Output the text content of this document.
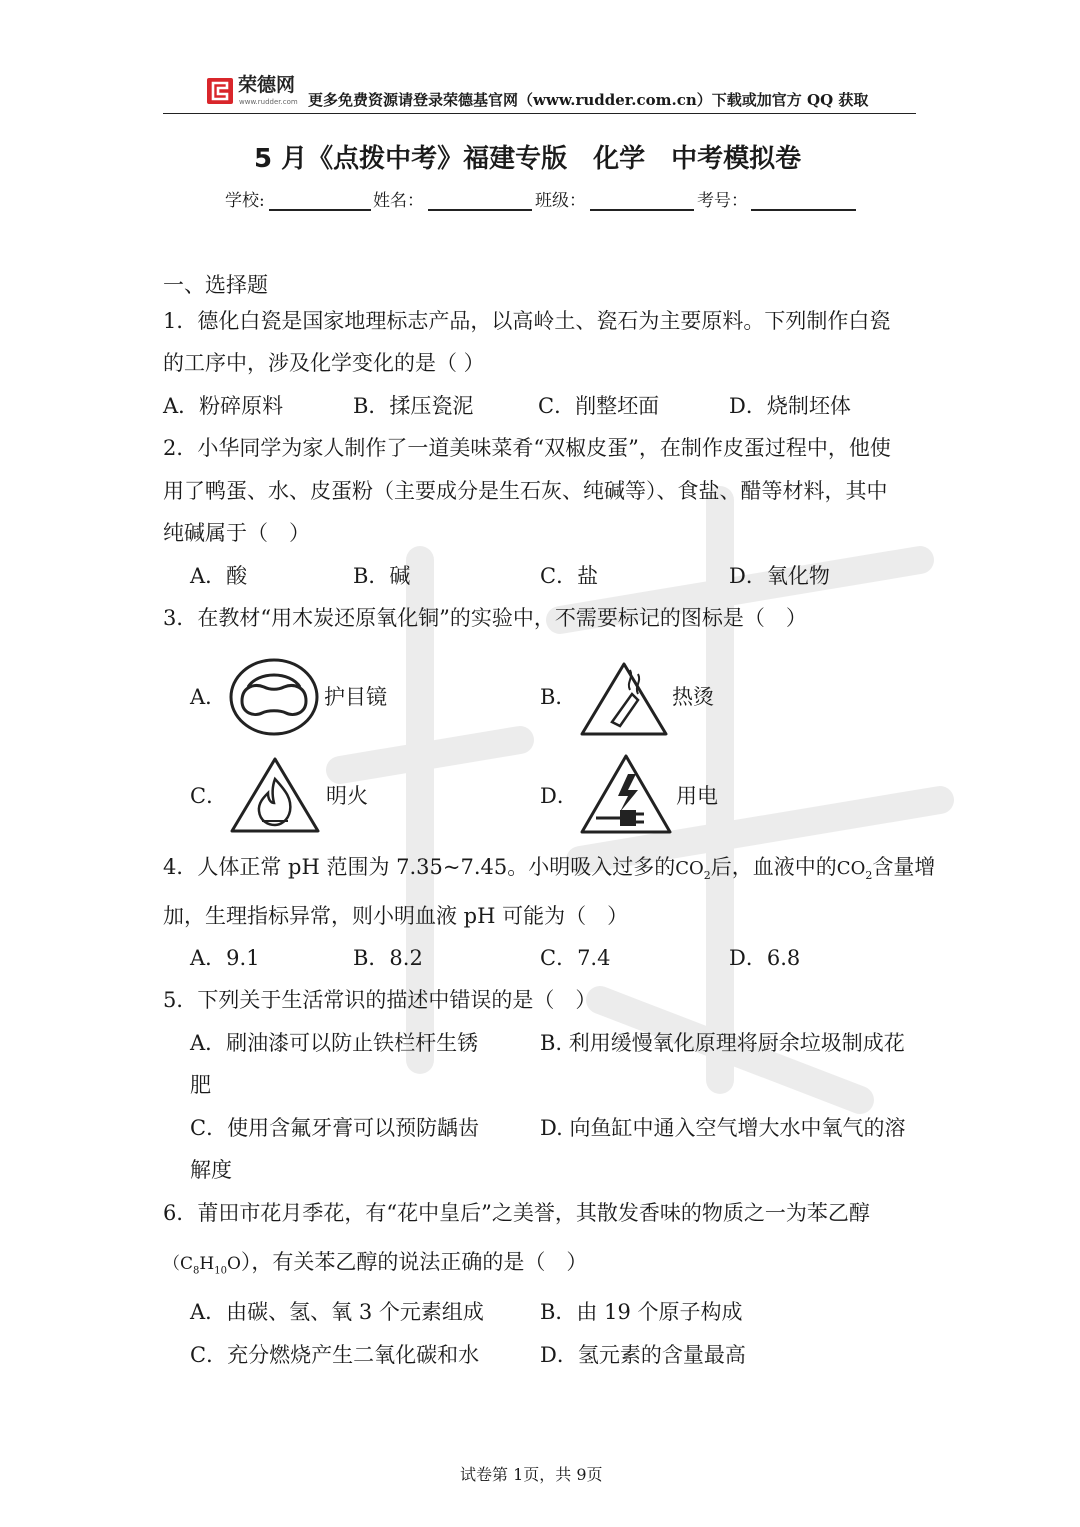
荣德网
www.rudder.com 更多免费资源请登录荣德基官网（www.rudder.com.cn）下载或加官方 QQ 获取
5 月《点拨中考》福建专版　化学　中考模拟卷
学校:	姓名：	班级：	考号：
一、选择题
1．德化白瓷是国家地理标志产品，以高岭土、瓷石为主要原料。下列制作白瓷
的工序中，涉及化学变化的是（ ）
A．粉碎原料	B．揉压瓷泥	C．削整坯面	D．烧制坯体
2．小华同学为家人制作了一道美味菜肴“双椒皮蛋”，在制作皮蛋过程中，他使
用了鸭蛋、水、皮蛋粉（主要成分是生石灰、纯碱等）、食盐、醋等材料，其中
纯碱属于（　）
A．酸	B．碱	C．盐	D．氧化物
3．在教材“用木炭还原氧化铜”的实验中，不需要标记的图标是（　）
A．	护目镜	B．	热烫
C．	明火	D．	用电
4．人体正常 pH 范围为 7.35~7.45。小明吸入过多的$CO_2$后，血液中的$CO_2$含量增
加，生理指标异常，则小明血液 pH 可能为（　）
A．9.1	B．8.2	C．7.4	D．6.8
5．下列关于生活常识的描述中错误的是（　）
A．刷油漆可以防止铁栏杆生锈	B. 利用缓慢氧化原理将厨余垃圾制成花
肥
C．使用含氟牙膏可以预防龋齿	D. 向鱼缸中通入空气增大水中氧气的溶
解度
6．莆田市花月季花，有“花中皇后”之美誉，其散发香味的物质之一为苯乙醇
$(C_8H_{10}O)$，有关苯乙醇的说法正确的是（　）
A．由碳、氢、氧 3 个元素组成	B．由 19 个原子构成
C．充分燃烧产生二氧化碳和水	D．氢元素的含量最高
试卷第 1页，共 9页
